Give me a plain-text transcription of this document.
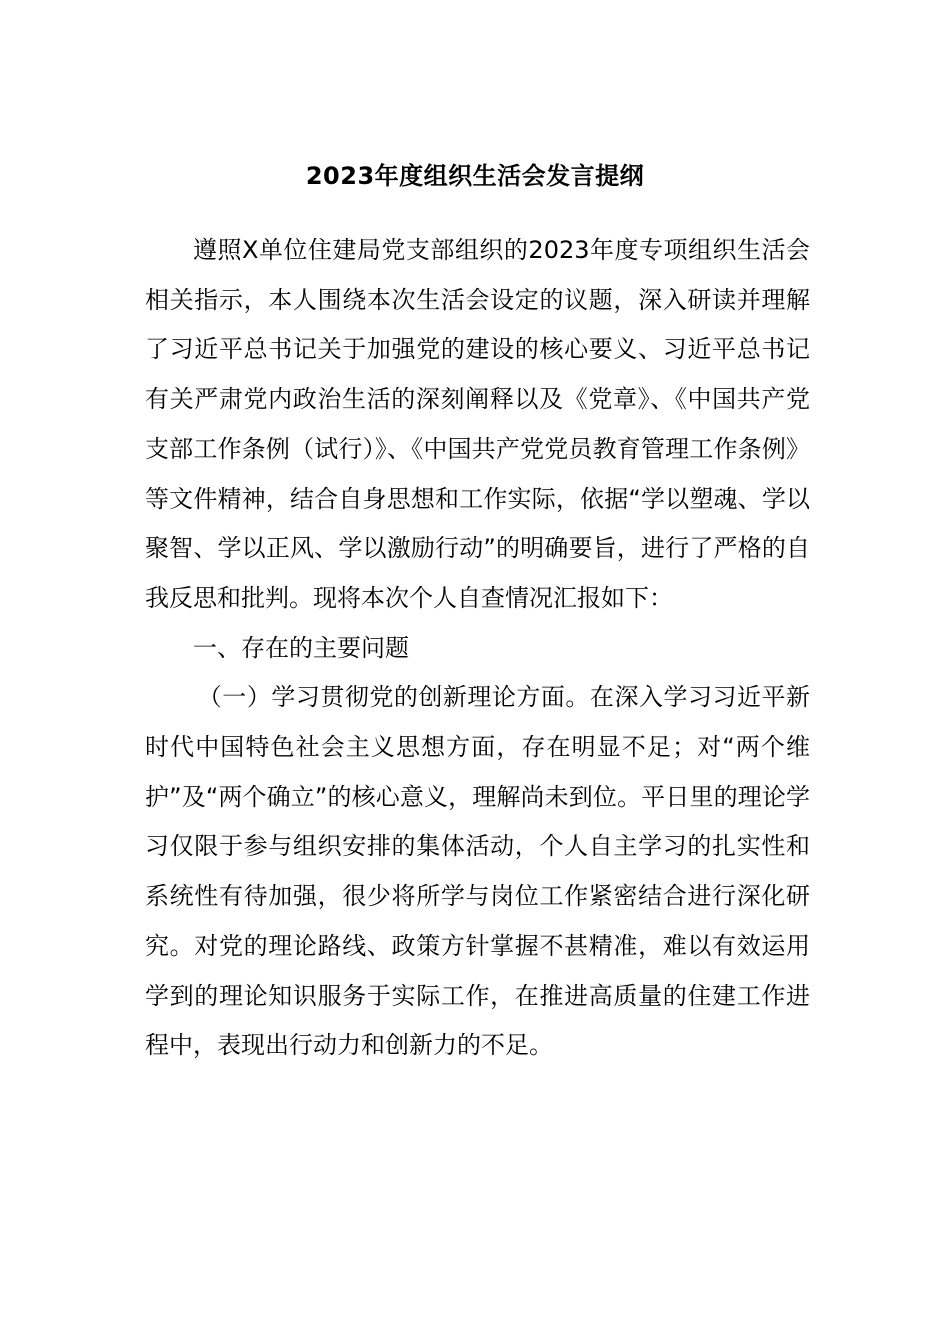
2023年度组织生活会发言提纲

遵照X单位住建局党支部组织的2023年度专项组织生活会相关指示，本人围绕本次生活会设定的议题，深入研读并理解了习近平总书记关于加强党的建设的核心要义、习近平总书记有关严肃党内政治生活的深刻阐释以及《党章》、《中国共产党支部工作条例（试行）》、《中国共产党党员教育管理工作条例》等文件精神，结合自身思想和工作实际，依据“学以塑魂、学以聚智、学以正风、学以激励行动”的明确要旨，进行了严格的自我反思和批判。现将本次个人自查情况汇报如下：

一、存在的主要问题

（一）学习贯彻党的创新理论方面。在深入学习习近平新时代中国特色社会主义思想方面，存在明显不足；对“两个维护”及“两个确立”的核心意义，理解尚未到位。平日里的理论学习仅限于参与组织安排的集体活动，个人自主学习的扎实性和系统性有待加强，很少将所学与岗位工作紧密结合进行深化研究。对党的理论路线、政策方针掌握不甚精准，难以有效运用学到的理论知识服务于实际工作，在推进高质量的住建工作进程中，表现出行动力和创新力的不足。
